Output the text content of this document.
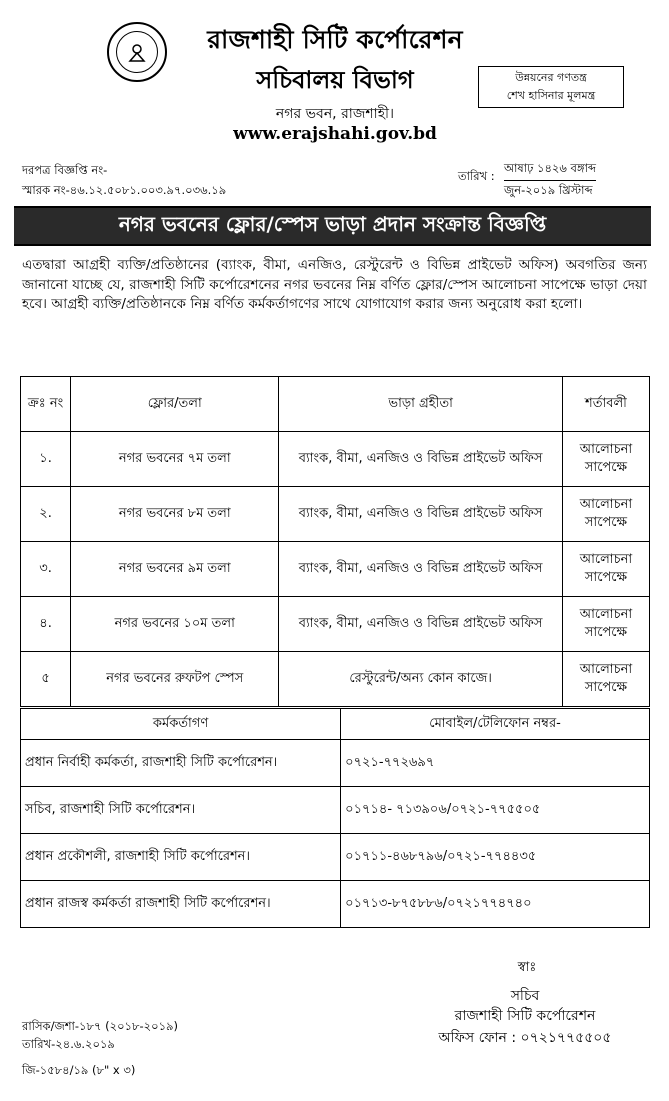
রাজশাহী সিটি কর্পোরেশন
সচিবালয় বিভাগ
নগর ভবন, রাজশাহী।
www.erajshahi.gov.bd
উন্নয়নের গণতন্ত্র
শেখ হাসিনার মূলমন্ত্র
দরপত্র বিজ্ঞপ্তি নং-
স্মারক নং-৪৬.১২.৫০৮১.০০৩.৯৭.০৩৬.১৯
তারিখ :
আষাঢ় ১৪২৬ বঙ্গাব্দ
জুন-২০১৯ খ্রিস্টাব্দ
নগর ভবনের ফ্লোর/স্পেস ভাড়া প্রদান সংক্রান্ত বিজ্ঞপ্তি
এতদ্বারা আগ্রহী ব্যক্তি/প্রতিষ্ঠানের (ব্যাংক, বীমা, এনজিও, রেস্টুরেন্ট ও বিভিন্ন প্রাইভেট অফিস) অবগতির জন্য জানানো যাচ্ছে যে, রাজশাহী সিটি কর্পোরেশনের নগর ভবনের নিম্ন বর্ণিত ফ্লোর/স্পেস আলোচনা সাপেক্ষে ভাড়া দেয়া হবে। আগ্রহী ব্যক্তি/প্রতিষ্ঠানকে নিম্ন বর্ণিত কর্মকর্তাগণের সাথে যোগাযোগ করার জন্য অনুরোধ করা হলো।
ক্রঃ নং	ফ্লোর/তলা	ভাড়া গ্রহীতা	শর্তাবলী
১.	নগর ভবনের ৭ম তলা	ব্যাংক, বীমা, এনজিও ও বিভিন্ন প্রাইভেট অফিস	আলোচনা সাপেক্ষে
২.	নগর ভবনের ৮ম তলা	ব্যাংক, বীমা, এনজিও ও বিভিন্ন প্রাইভেট অফিস	আলোচনা সাপেক্ষে
৩.	নগর ভবনের ৯ম তলা	ব্যাংক, বীমা, এনজিও ও বিভিন্ন প্রাইভেট অফিস	আলোচনা সাপেক্ষে
৪.	নগর ভবনের ১০ম তলা	ব্যাংক, বীমা, এনজিও ও বিভিন্ন প্রাইভেট অফিস	আলোচনা সাপেক্ষে
৫	নগর ভবনের রুফটপ স্পেস	রেস্টুরেন্ট/অন্য কোন কাজে।	আলোচনা সাপেক্ষে
কর্মকর্তাগণ	মোবাইল/টেলিফোন নম্বর-
প্রধান নির্বাহী কর্মকর্তা, রাজশাহী সিটি কর্পোরেশন।	০৭২১-৭৭২৬৯৭
সচিব, রাজশাহী সিটি কর্পোরেশন।	০১৭১৪- ৭১৩৯০৬/০৭২১-৭৭৫৫০৫
প্রধান প্রকৌশলী, রাজশাহী সিটি কর্পোরেশন।	০১৭১১-৪৬৮৭৯৬/০৭২১-৭৭৪৪৩৫
প্রধান রাজস্ব কর্মকর্তা রাজশাহী সিটি কর্পোরেশন।	০১৭১৩-৮৭৫৮৮৬/০৭২১৭৭৪৭৪০
স্বাঃ
সচিব
রাজশাহী সিটি কর্পোরেশন
অফিস ফোন : ০৭২১৭৭৫৫০৫
রাসিক/জশা-১৮৭ (২০১৮-২০১৯)
তারিখ-২৪.৬.২০১৯
জি-১৫৮৪/১৯ (৮" x ৩)
